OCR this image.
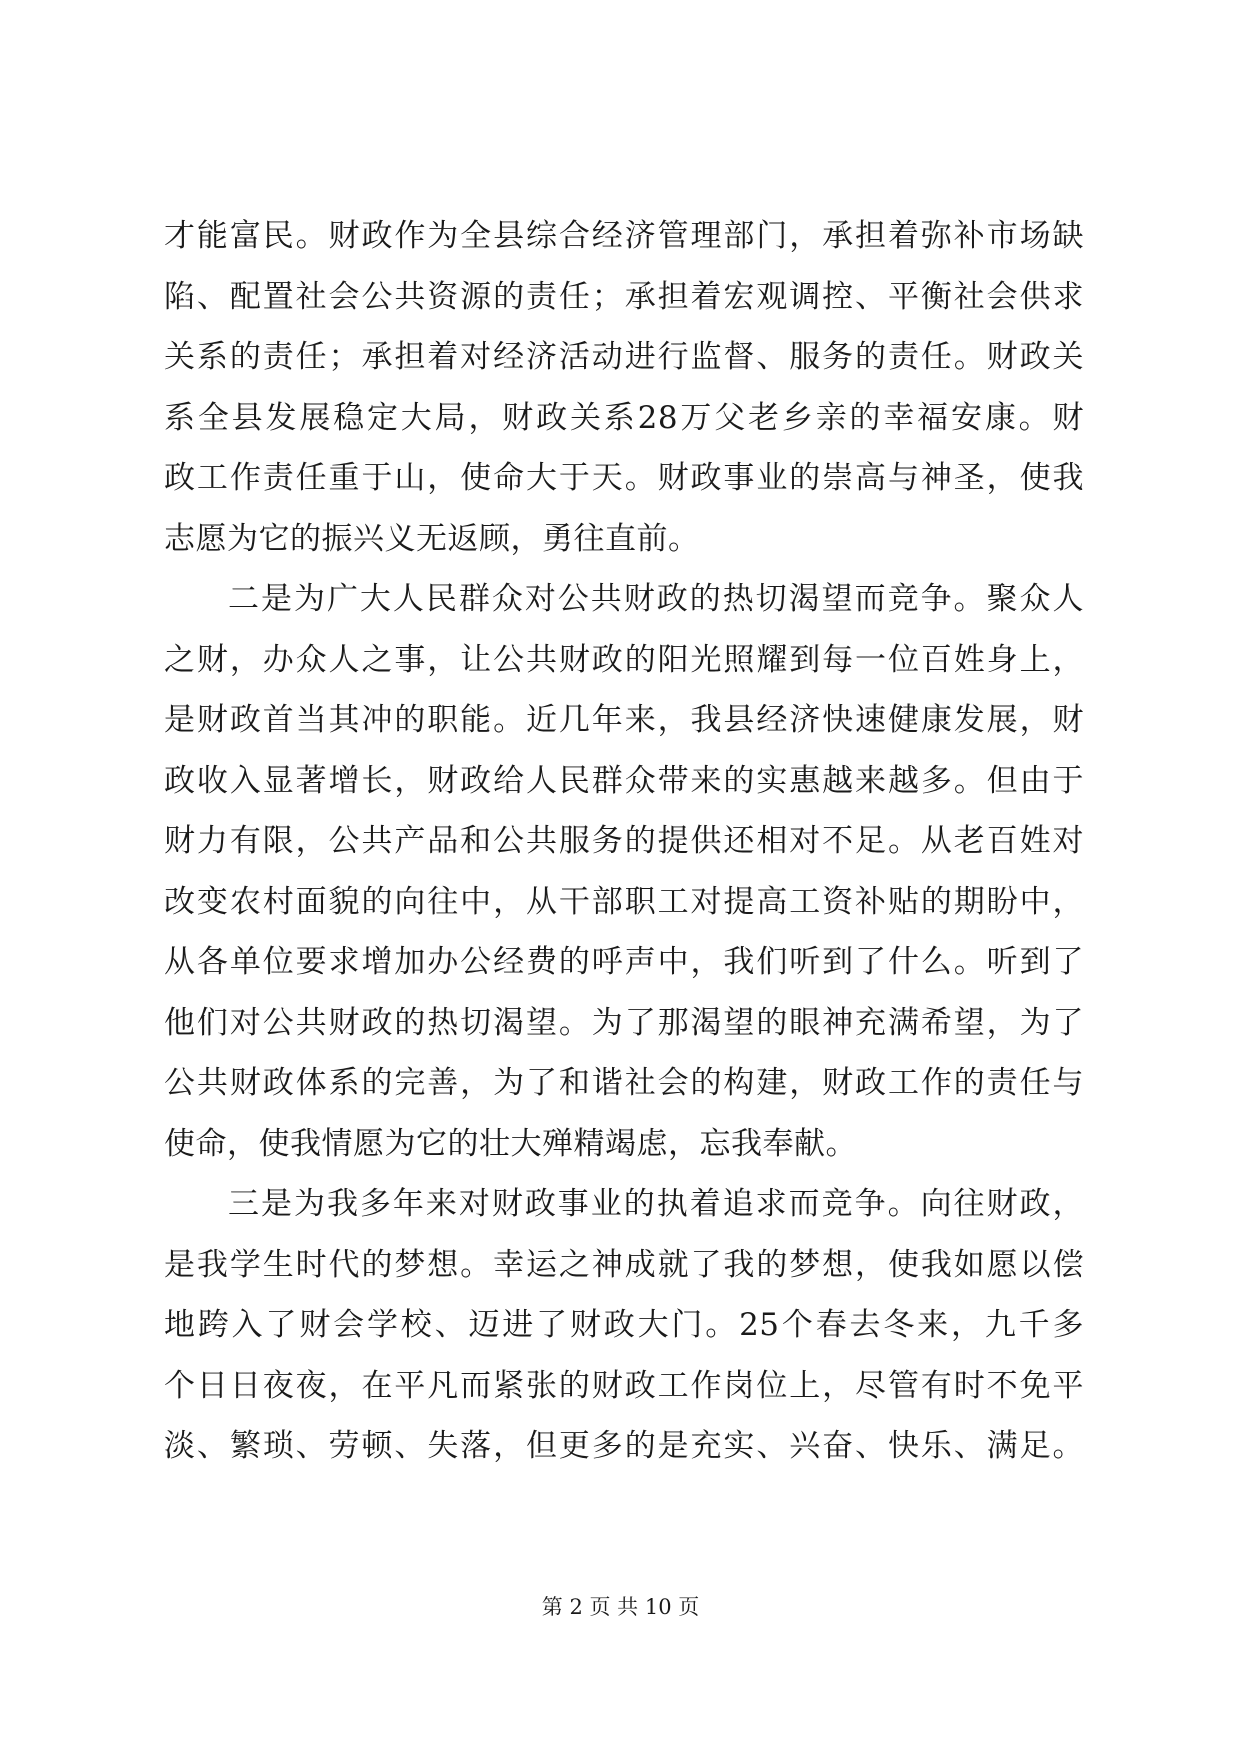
才能富民。财政作为全县综合经济管理部门，承担着弥补市场缺
陷、配置社会公共资源的责任；承担着宏观调控、平衡社会供求
关系的责任；承担着对经济活动进行监督、服务的责任。财政关
系全县发展稳定大局，财政关系28万父老乡亲的幸福安康。财
政工作责任重于山，使命大于天。财政事业的崇高与神圣，使我
志愿为它的振兴义无返顾，勇往直前。
二是为广大人民群众对公共财政的热切渴望而竞争。聚众人
之财，办众人之事，让公共财政的阳光照耀到每一位百姓身上，
是财政首当其冲的职能。近几年来，我县经济快速健康发展，财
政收入显著增长，财政给人民群众带来的实惠越来越多。但由于
财力有限，公共产品和公共服务的提供还相对不足。从老百姓对
改变农村面貌的向往中，从干部职工对提高工资补贴的期盼中，
从各单位要求增加办公经费的呼声中，我们听到了什么。听到了
他们对公共财政的热切渴望。为了那渴望的眼神充满希望，为了
公共财政体系的完善，为了和谐社会的构建，财政工作的责任与
使命，使我情愿为它的壮大殚精竭虑，忘我奉献。
三是为我多年来对财政事业的执着追求而竞争。向往财政，
是我学生时代的梦想。幸运之神成就了我的梦想，使我如愿以偿
地跨入了财会学校、迈进了财政大门。25个春去冬来，九千多
个日日夜夜，在平凡而紧张的财政工作岗位上，尽管有时不免平
淡、繁琐、劳顿、失落，但更多的是充实、兴奋、快乐、满足。
第 2 页 共 10 页
